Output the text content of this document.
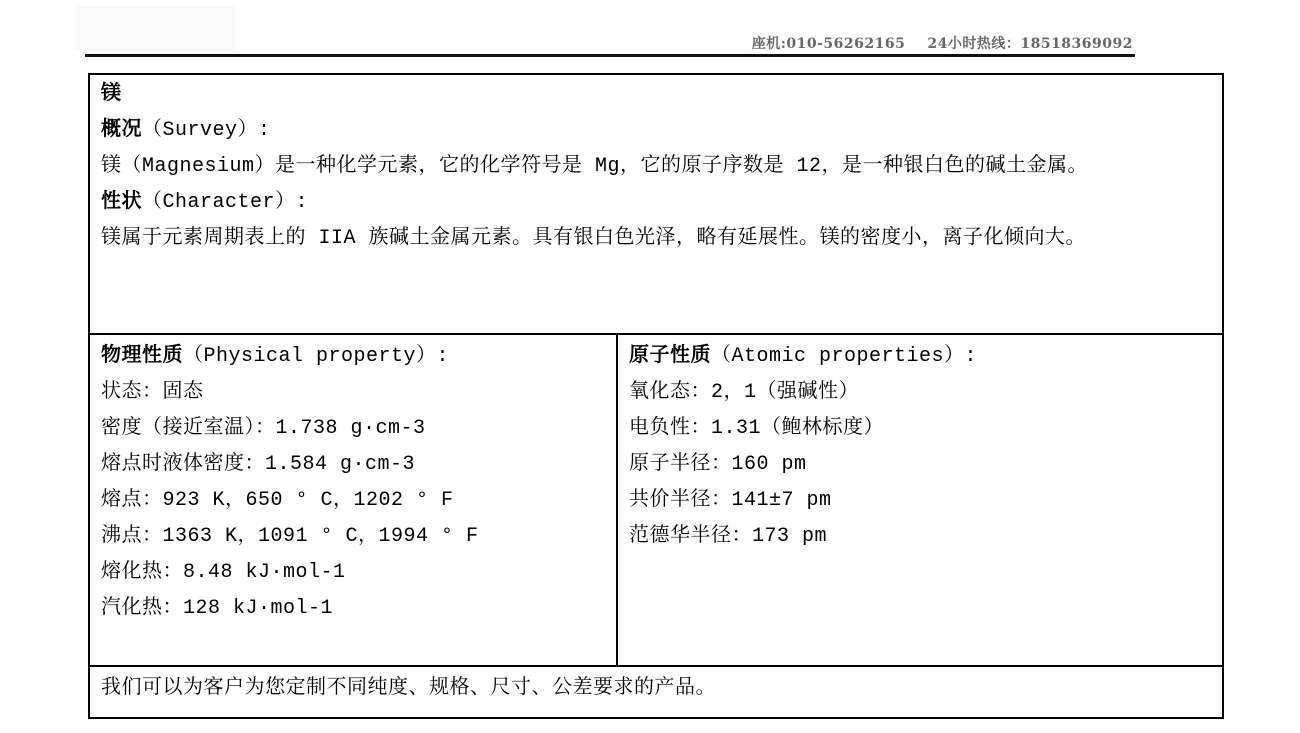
座机:010-56262165 24小时热线：18518369092
镁
概况（Survey）:
镁（Magnesium）是一种化学元素，它的化学符号是 Mg，它的原子序数是 12，是一种银白色的碱土金属。
性状（Character）:
镁属于元素周期表上的 IIA 族碱土金属元素。具有银白色光泽，略有延展性。镁的密度小，离子化倾向大。
物理性质（Physical property）:
状态：固态
密度（接近室温）：1.738 g·cm-3
熔点时液体密度：1.584 g·cm-3
熔点：923 K，650 ° C，1202 ° F
沸点：1363 K，1091 ° C，1994 ° F
熔化热：8.48 kJ·mol-1
汽化热：128 kJ·mol-1
原子性质（Atomic properties）:
氧化态：2，1（强碱性）
电负性：1.31（鲍林标度）
原子半径：160 pm
共价半径：141±7 pm
范德华半径：173 pm
我们可以为客户为您定制不同纯度、规格、尺寸、公差要求的产品。
